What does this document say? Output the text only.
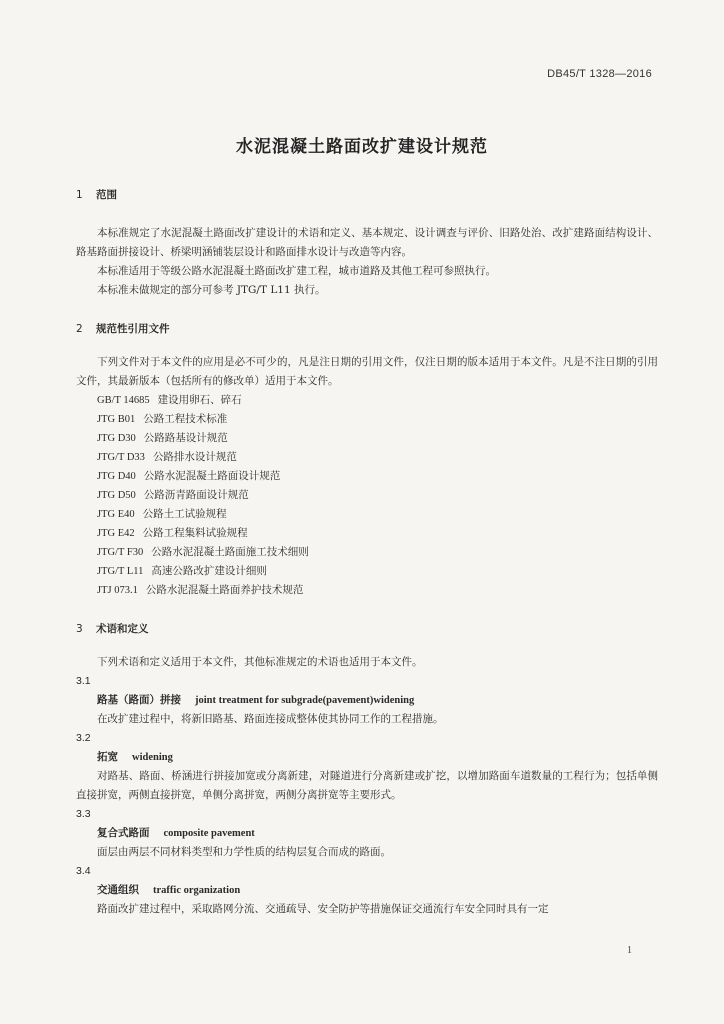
DB45/T 1328—2016
水泥混凝土路面改扩建设计规范

1 范围

本标准规定了水泥混凝土路面改扩建设计的术语和定义、基本规定、设计调查与评价、旧路处治、改扩建路面结构设计、路基路面拼接设计、桥梁明涵铺装层设计和路面排水设计与改造等内容。

本标准适用于等级公路水泥混凝土路面改扩建工程，城市道路及其他工程可参照执行。

本标准未做规定的部分可参考 JTG/T L11 执行。

2 规范性引用文件

下列文件对于本文件的应用是必不可少的，凡是注日期的引用文件，仅注日期的版本适用于本文件。凡是不注日期的引用文件，其最新版本（包括所有的修改单）适用于本文件。

GB/T 14685 建设用卵石、碎石

JTG B01 公路工程技术标准

JTG D30 公路路基设计规范

JTG/T D33 公路排水设计规范

JTG D40 公路水泥混凝土路面设计规范

JTG D50 公路沥青路面设计规范

JTG E40 公路土工试验规程

JTG E42 公路工程集料试验规程

JTG/T F30 公路水泥混凝土路面施工技术细则

JTG/T L11 高速公路改扩建设计细则

JTJ 073.1 公路水泥混凝土路面养护技术规范

3 术语和定义

下列术语和定义适用于本文件，其他标准规定的术语也适用于本文件。

3.1

路基（路面）拼接 joint treatment for subgrade(pavement)widening

在改扩建过程中，将新旧路基、路面连接成整体使其协同工作的工程措施。

3.2

拓宽 widening

对路基、路面、桥涵进行拼接加宽或分离新建，对隧道进行分离新建或扩挖，以增加路面车道数量的工程行为；包括单侧直接拼宽，两侧直接拼宽，单侧分离拼宽，两侧分离拼宽等主要形式。

3.3

复合式路面 composite pavement

面层由两层不同材料类型和力学性质的结构层复合而成的路面。

3.4

交通组织 traffic organization

路面改扩建过程中，采取路网分流、交通疏导、安全防护等措施保证交通流行车安全同时具有一定

1
